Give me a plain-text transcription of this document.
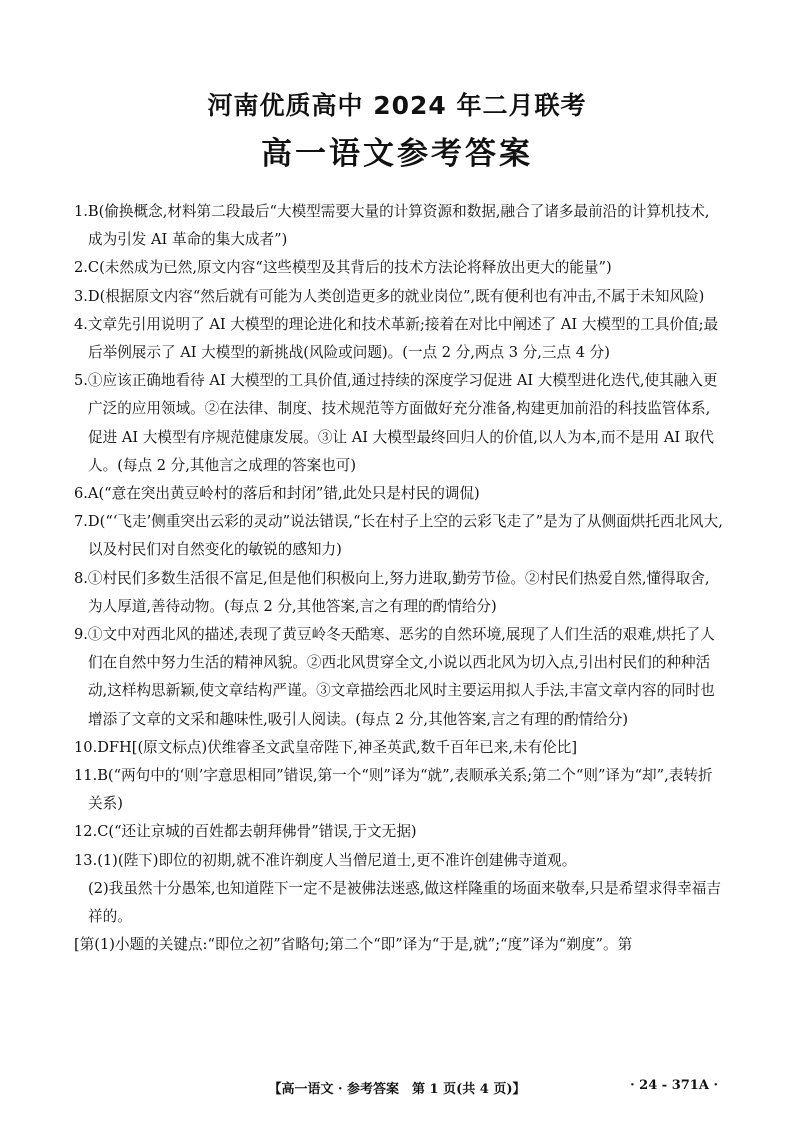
河南优质高中 2024 年二月联考
高一语文参考答案

1.B(偷换概念,材料第二段最后“大模型需要大量的计算资源和数据,融合了诸多最前沿的计算机技术,成为引发 AI 革命的集大成者”)

2.C(未然成为已然,原文内容“这些模型及其背后的技术方法论将释放出更大的能量”)

3.D(根据原文内容“然后就有可能为人类创造更多的就业岗位”,既有便利也有冲击,不属于未知风险)

4.文章先引用说明了 AI 大模型的理论进化和技术革新;接着在对比中阐述了 AI 大模型的工具价值;最后举例展示了 AI 大模型的新挑战(风险或问题)。(一点 2 分,两点 3 分,三点 4 分)

5.①应该正确地看待 AI 大模型的工具价值,通过持续的深度学习促进 AI 大模型进化迭代,使其融入更广泛的应用领域。②在法律、制度、技术规范等方面做好充分准备,构建更加前沿的科技监管体系,促进 AI 大模型有序规范健康发展。③让 AI 大模型最终回归人的价值,以人为本,而不是用 AI 取代人。(每点 2 分,其他言之成理的答案也可)

6.A(“意在突出黄豆岭村的落后和封闭”错,此处只是村民的调侃)

7.D(“‘飞走’侧重突出云彩的灵动”说法错误,“长在村子上空的云彩飞走了”是为了从侧面烘托西北风大,以及村民们对自然变化的敏锐的感知力)

8.①村民们多数生活很不富足,但是他们积极向上,努力进取,勤劳节俭。②村民们热爱自然,懂得取舍,为人厚道,善待动物。(每点 2 分,其他答案,言之有理的酌情给分)

9.①文中对西北风的描述,表现了黄豆岭冬天酷寒、恶劣的自然环境,展现了人们生活的艰难,烘托了人们在自然中努力生活的精神风貌。②西北风贯穿全文,小说以西北风为切入点,引出村民们的种种活动,这样构思新颖,使文章结构严谨。③文章描绘西北风时主要运用拟人手法,丰富文章内容的同时也增添了文章的文采和趣味性,吸引人阅读。(每点 2 分,其他答案,言之有理的酌情给分)

10.DFH[(原文标点)伏维睿圣文武皇帝陛下,神圣英武,数千百年已来,未有伦比]

11.B(“两句中的‘则’字意思相同”错误,第一个“则”译为“就”,表顺承关系;第二个“则”译为“却”,表转折关系)

12.C(“还让京城的百姓都去朝拜佛骨”错误,于文无据)

13.(1)(陛下)即位的初期,就不准许剃度人当僧尼道士,更不准许创建佛寺道观。

(2)我虽然十分愚笨,也知道陛下一定不是被佛法迷惑,做这样隆重的场面来敬奉,只是希望求得幸福吉祥的。

[第(1)小题的关键点:“即位之初”省略句;第二个“即”译为“于是,就”;“度”译为“剃度”。第

【高一语文 · 参考答案　第 1 页(共 4 页)】	· 24 - 371A ·
